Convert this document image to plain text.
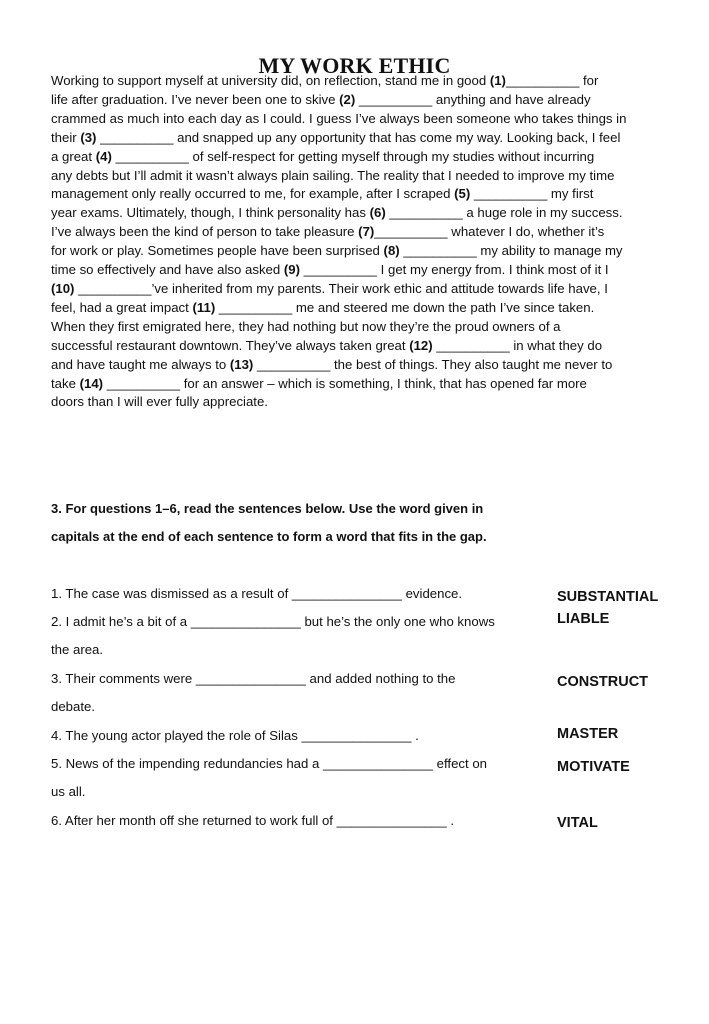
MY WORK ETHIC
Working to support myself at university did, on reflection, stand me in good (1)__________ for
life after graduation. I’ve never been one to skive (2) __________ anything and have already
crammed as much into each day as I could. I guess I’ve always been someone who takes things in
their (3) __________ and snapped up any opportunity that has come my way. Looking back, I feel
a great (4) __________ of self-respect for getting myself through my studies without incurring
any debts but I’ll admit it wasn’t always plain sailing. The reality that I needed to improve my time
management only really occurred to me, for example, after I scraped (5) __________ my first
year exams. Ultimately, though, I think personality has (6) __________ a huge role in my success.
I’ve always been the kind of person to take pleasure (7)__________ whatever I do, whether it’s
for work or play. Sometimes people have been surprised (8) __________ my ability to manage my
time so effectively and have also asked (9) __________ I get my energy from. I think most of it I
(10) __________’ve inherited from my parents. Their work ethic and attitude towards life have, I
feel, had a great impact (11) __________ me and steered me down the path I’ve since taken.
When they first emigrated here, they had nothing but now they’re the proud owners of a
successful restaurant downtown. They’ve always taken great (12) __________ in what they do
and have taught me always to (13) __________ the best of things. They also taught me never to
take (14) __________ for an answer – which is something, I think, that has opened far more
doors than I will ever fully appreciate.

3. For questions 1–6, read the sentences below. Use the word given in

capitals at the end of each sentence to form a word that fits in the gap.

1. The case was dismissed as a result of _______________ evidence.
2. I admit he’s a bit of a _______________ but he’s the only one who knows
the area.
3. Their comments were _______________ and added nothing to the
debate.
4. The young actor played the role of Silas _______________ .
5. News of the impending redundancies had a _______________ effect on
us all.
6. After her month off she returned to work full of _______________ .
SUBSTANTIAL
LIABLE
CONSTRUCT
MASTER
MOTIVATE
VITAL
